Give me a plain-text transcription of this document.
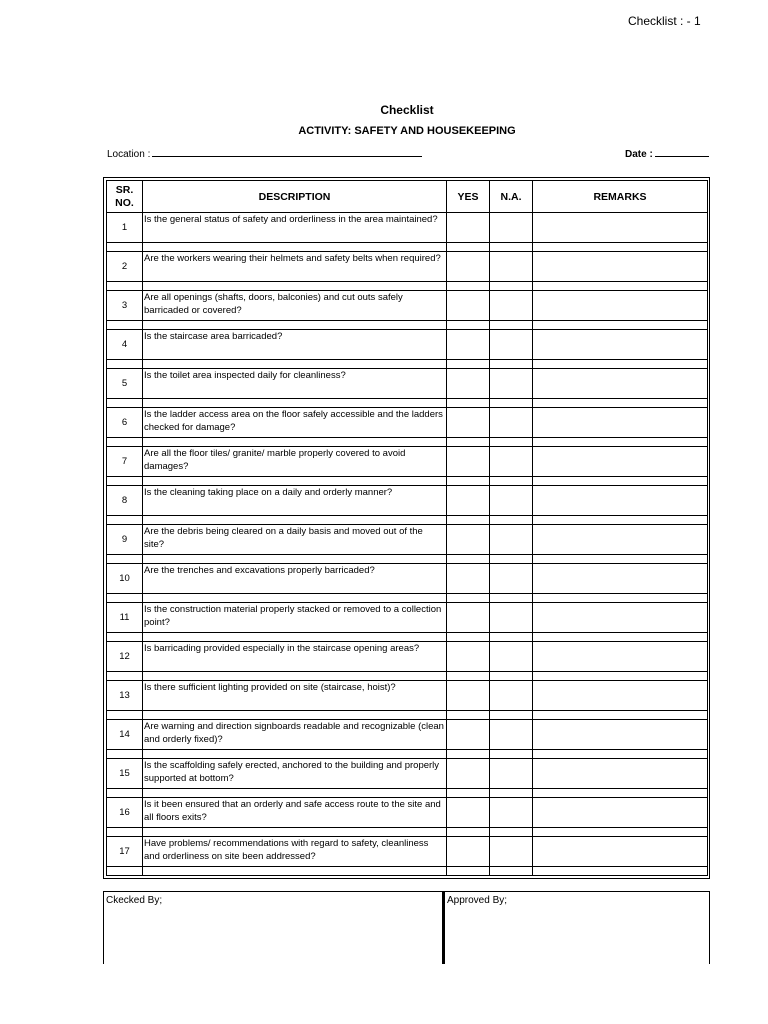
Checklist : - 1
Checklist
ACTIVITY: SAFETY AND HOUSEKEEPING
Location :	Date :
SR.
NO.	DESCRIPTION	YES	N.A.	REMARKS
1	Is the general status of safety and orderliness in the area maintained?			

2	Are the workers wearing their helmets and safety belts when required?			

3	Are all openings (shafts, doors, balconies) and cut outs safely barricaded or covered?			

4	Is the staircase area barricaded?			

5	Is the toilet area inspected daily for cleanliness?			

6	Is the ladder access area on the floor safely accessible and the ladders checked for damage?			

7	Are all the floor tiles/ granite/ marble properly covered to avoid damages?			

8	Is the cleaning taking place on a daily and orderly manner?			

9	Are the debris being cleared on a daily basis and moved out of the site?			

10	Are the trenches and excavations properly barricaded?			

11	Is the construction material properly stacked or removed to a collection point?			

12	Is barricading provided especially in the staircase opening areas?			

13	Is there sufficient lighting provided on site (staircase, hoist)?			

14	Are warning and direction signboards readable and recognizable (clean and orderly fixed)?			

15	Is the scaffolding safely erected, anchored to the building and properly supported at bottom?			

16	Is it been ensured that an orderly and safe access route to the site and all floors exits?			

17	Have problems/ recommendations with regard to safety, cleanliness and orderliness on site been addressed?			

Ckecked By;	Approved By;
